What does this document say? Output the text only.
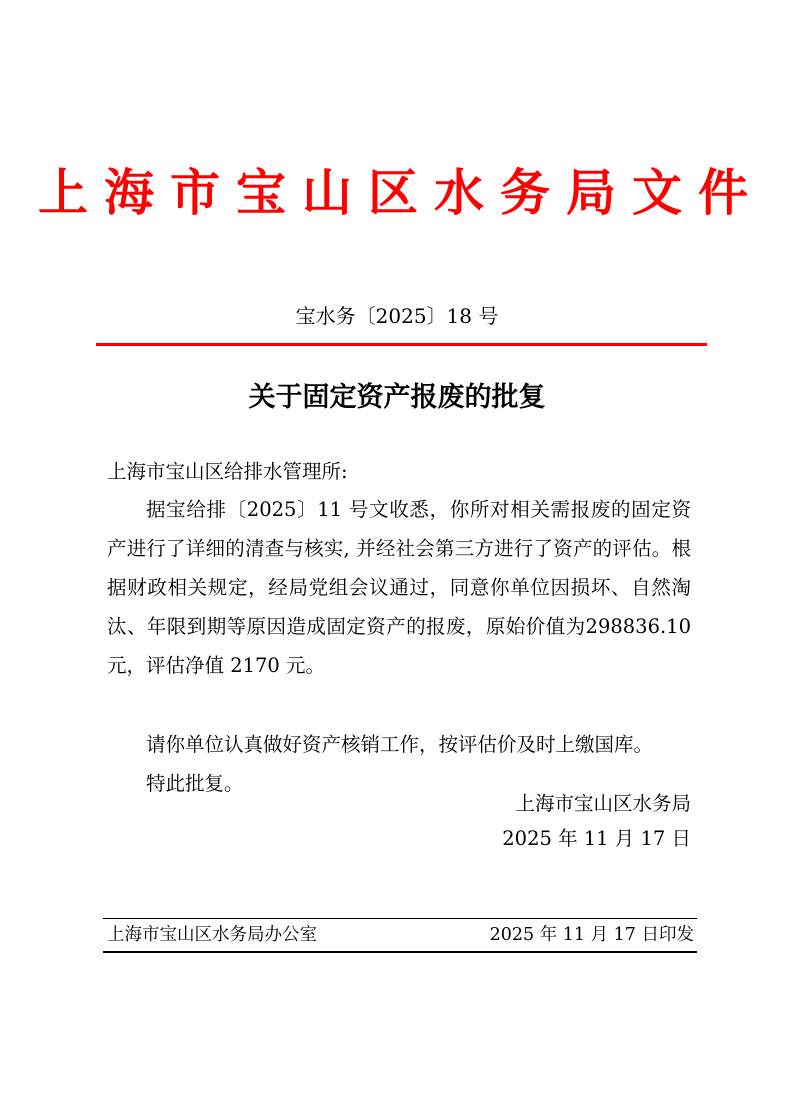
上海市宝山区水务局文件
宝水务〔2025〕18 号
关于固定资产报废的批复
上海市宝山区给排水管理所:
据宝给排〔2025〕11 号文收悉，你所对相关需报废的固定资产进行了详细的清查与核实, 并经社会第三方进行了资产的评估。根据财政相关规定，经局党组会议通过，同意你单位因损坏、自然淘汰、年限到期等原因造成固定资产的报废，原始价值为298836.10 元，评估净值 2170 元。
请你单位认真做好资产核销工作，按评估价及时上缴国库。
特此批复。
上海市宝山区水务局
2025 年 11 月 17 日
上海市宝山区水务局办公室	2025 年 11 月 17 日印发
